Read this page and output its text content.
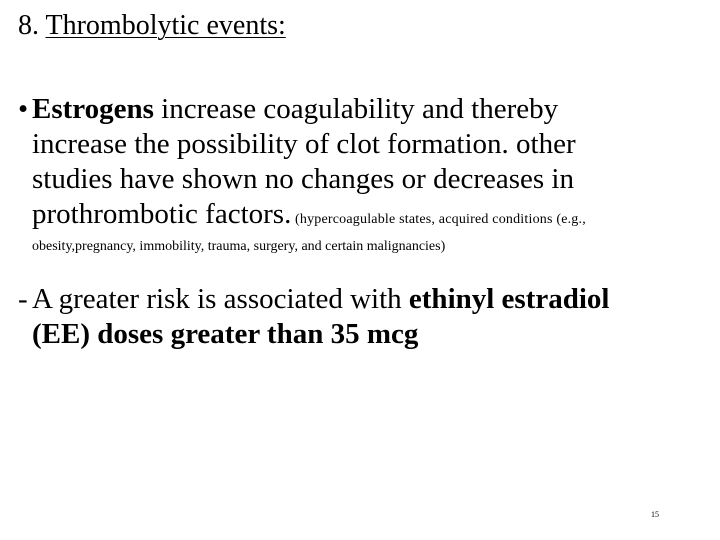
8. Thrombolytic events:
• Estrogens increase coagulability and thereby
increase the possibility of clot formation. other
studies have shown no changes or decreases in
prothrombotic factors. (hypercoagulable states, acquired conditions (e.g.,
obesity,pregnancy, immobility, trauma, surgery, and certain malignancies)
- A greater risk is associated with ethinyl estradiol
(EE) doses greater than 35 mcg
15
